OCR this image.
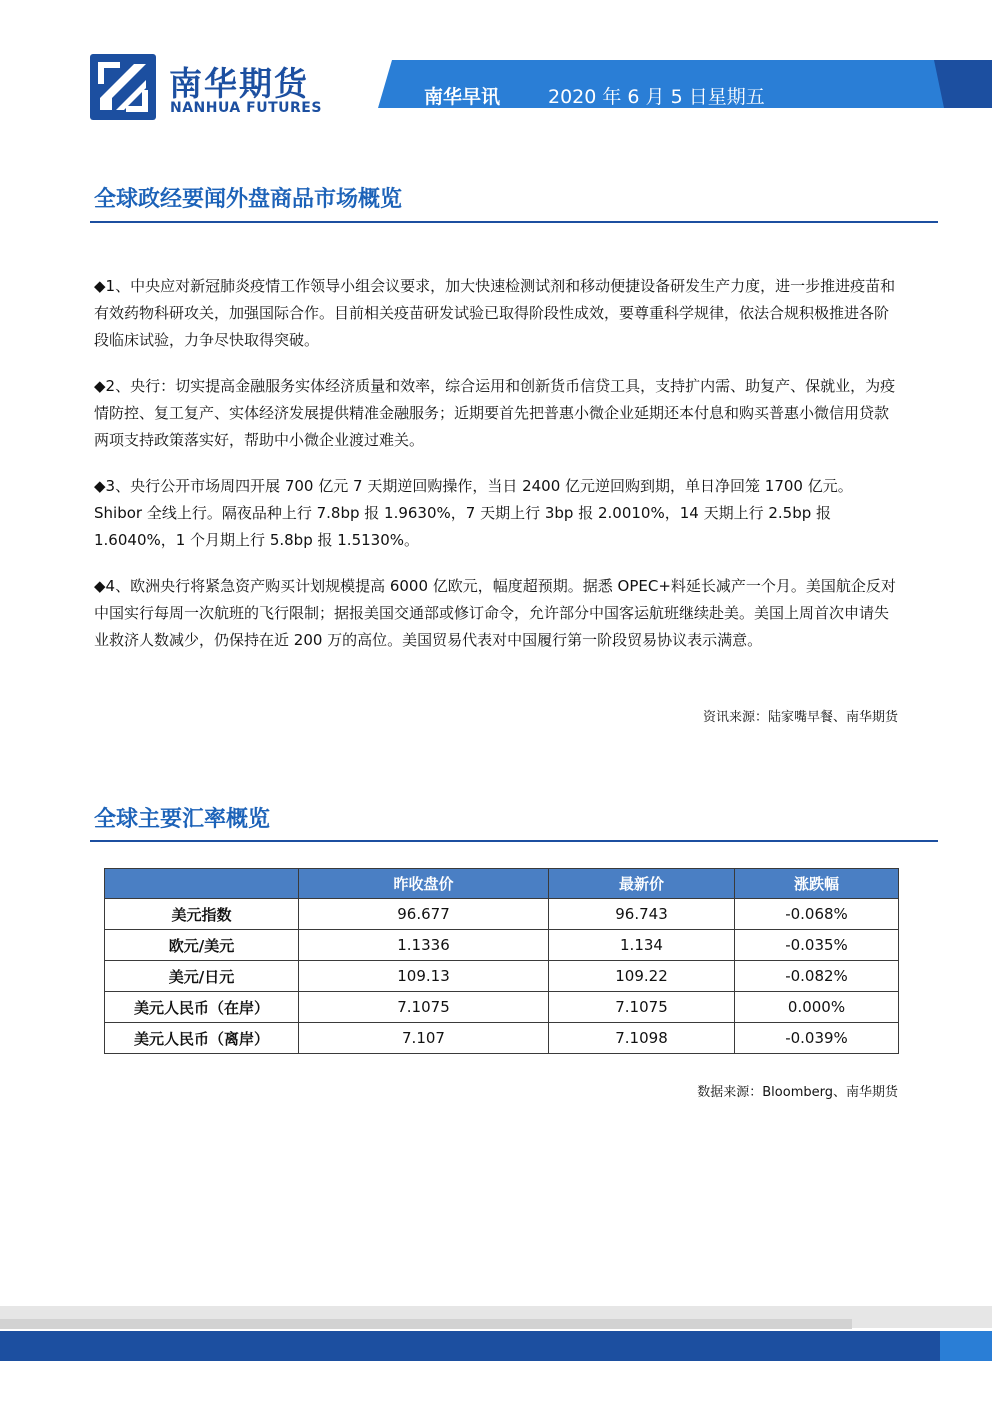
南华期货
NANHUA FUTURES	南华早讯	2020 年 6 月 5 日星期五
全球政经要闻外盘商品市场概览

◆1、中央应对新冠肺炎疫情工作领导小组会议要求，加大快速检测试剂和移动便捷设备研发生产力度，进一步推进疫苗和有效药物科研攻关，加强国际合作。目前相关疫苗研发试验已取得阶段性成效，要尊重科学规律，依法合规积极推进各阶段临床试验，力争尽快取得突破。

◆2、央行：切实提高金融服务实体经济质量和效率，综合运用和创新货币信贷工具，支持扩内需、助复产、保就业，为疫情防控、复工复产、实体经济发展提供精准金融服务；近期要首先把普惠小微企业延期还本付息和购买普惠小微信用贷款两项支持政策落实好，帮助中小微企业渡过难关。

◆3、央行公开市场周四开展 700 亿元 7 天期逆回购操作，当日 2400 亿元逆回购到期，单日净回笼 1700 亿元。Shibor 全线上行。隔夜品种上行 7.8bp 报 1.9630%，7 天期上行 3bp 报 2.0010%，14 天期上行 2.5bp 报 1.6040%，1 个月期上行 5.8bp 报 1.5130%。

◆4、欧洲央行将紧急资产购买计划规模提高 6000 亿欧元，幅度超预期。据悉 OPEC+料延长减产一个月。美国航企反对中国实行每周一次航班的飞行限制；据报美国交通部或修订命令，允许部分中国客运航班继续赴美。美国上周首次申请失业救济人数减少，仍保持在近 200 万的高位。美国贸易代表对中国履行第一阶段贸易协议表示满意。

资讯来源：陆家嘴早餐、南华期货
全球主要汇率概览
	昨收盘价	最新价	涨跌幅
美元指数	96.677	96.743	-0.068%
欧元/美元	1.1336	1.134	-0.035%
美元/日元	109.13	109.22	-0.082%
美元人民币（在岸）	7.1075	7.1075	0.000%
美元人民币（离岸）	7.107	7.1098	-0.039%
数据来源：Bloomberg、南华期货
